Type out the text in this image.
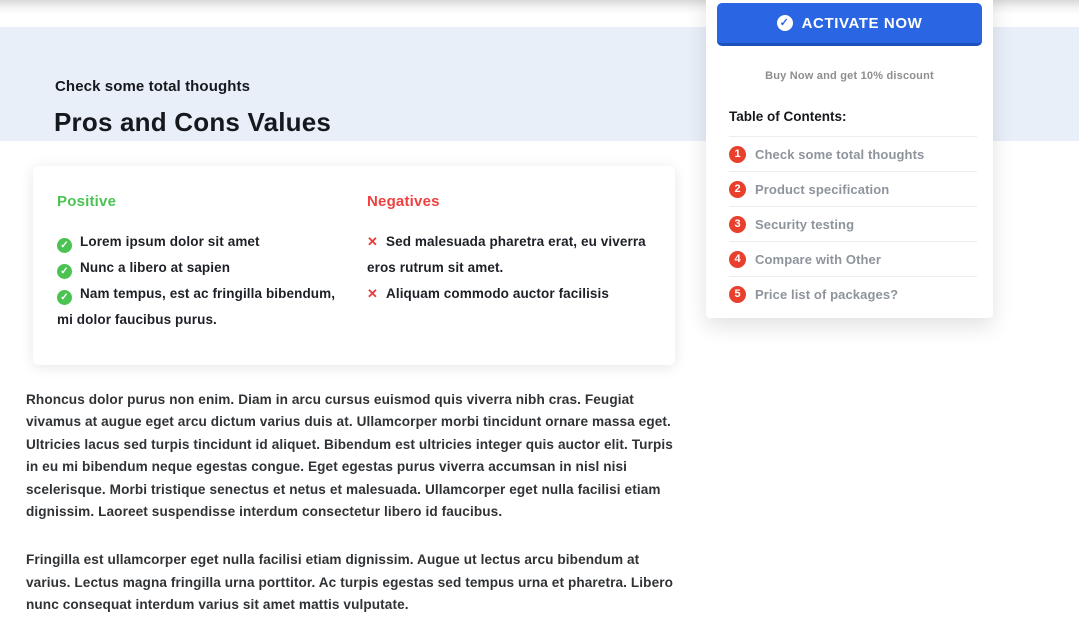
Check some total thoughts
Pros and Cons Values
Positive
✓ Lorem ipsum dolor sit amet
✓ Nunc a libero at sapien
✓ Nam tempus, est ac fringilla bibendum, mi dolor faucibus purus.
Negatives
✕ Sed malesuada pharetra erat, eu viverra eros rutrum sit amet.
✕ Aliquam commodo auctor facilisis

Rhoncus dolor purus non enim. Diam in arcu cursus euismod quis viverra nibh cras. Feugiat vivamus at augue eget arcu dictum varius duis at. Ullamcorper morbi tincidunt ornare massa eget. Ultricies lacus sed turpis tincidunt id aliquet. Bibendum est ultricies integer quis auctor elit. Turpis in eu mi bibendum neque egestas congue. Eget egestas purus viverra accumsan in nisl nisi scelerisque. Morbi tristique senectus et netus et malesuada. Ullamcorper eget nulla facilisi etiam dignissim. Laoreet suspendisse interdum consectetur libero id faucibus.

Fringilla est ullamcorper eget nulla facilisi etiam dignissim. Augue ut lectus arcu bibendum at varius. Lectus magna fringilla urna porttitor. Ac turpis egestas sed tempus urna et pharetra. Libero nunc consequat interdum varius sit amet mattis vulputate.

✓ ACTIVATE NOW
Buy Now and get 10% discount
Table of Contents:
1	Check some total thoughts
2	Product specification
3	Security testing
4	Compare with Other
5	Price list of packages?
